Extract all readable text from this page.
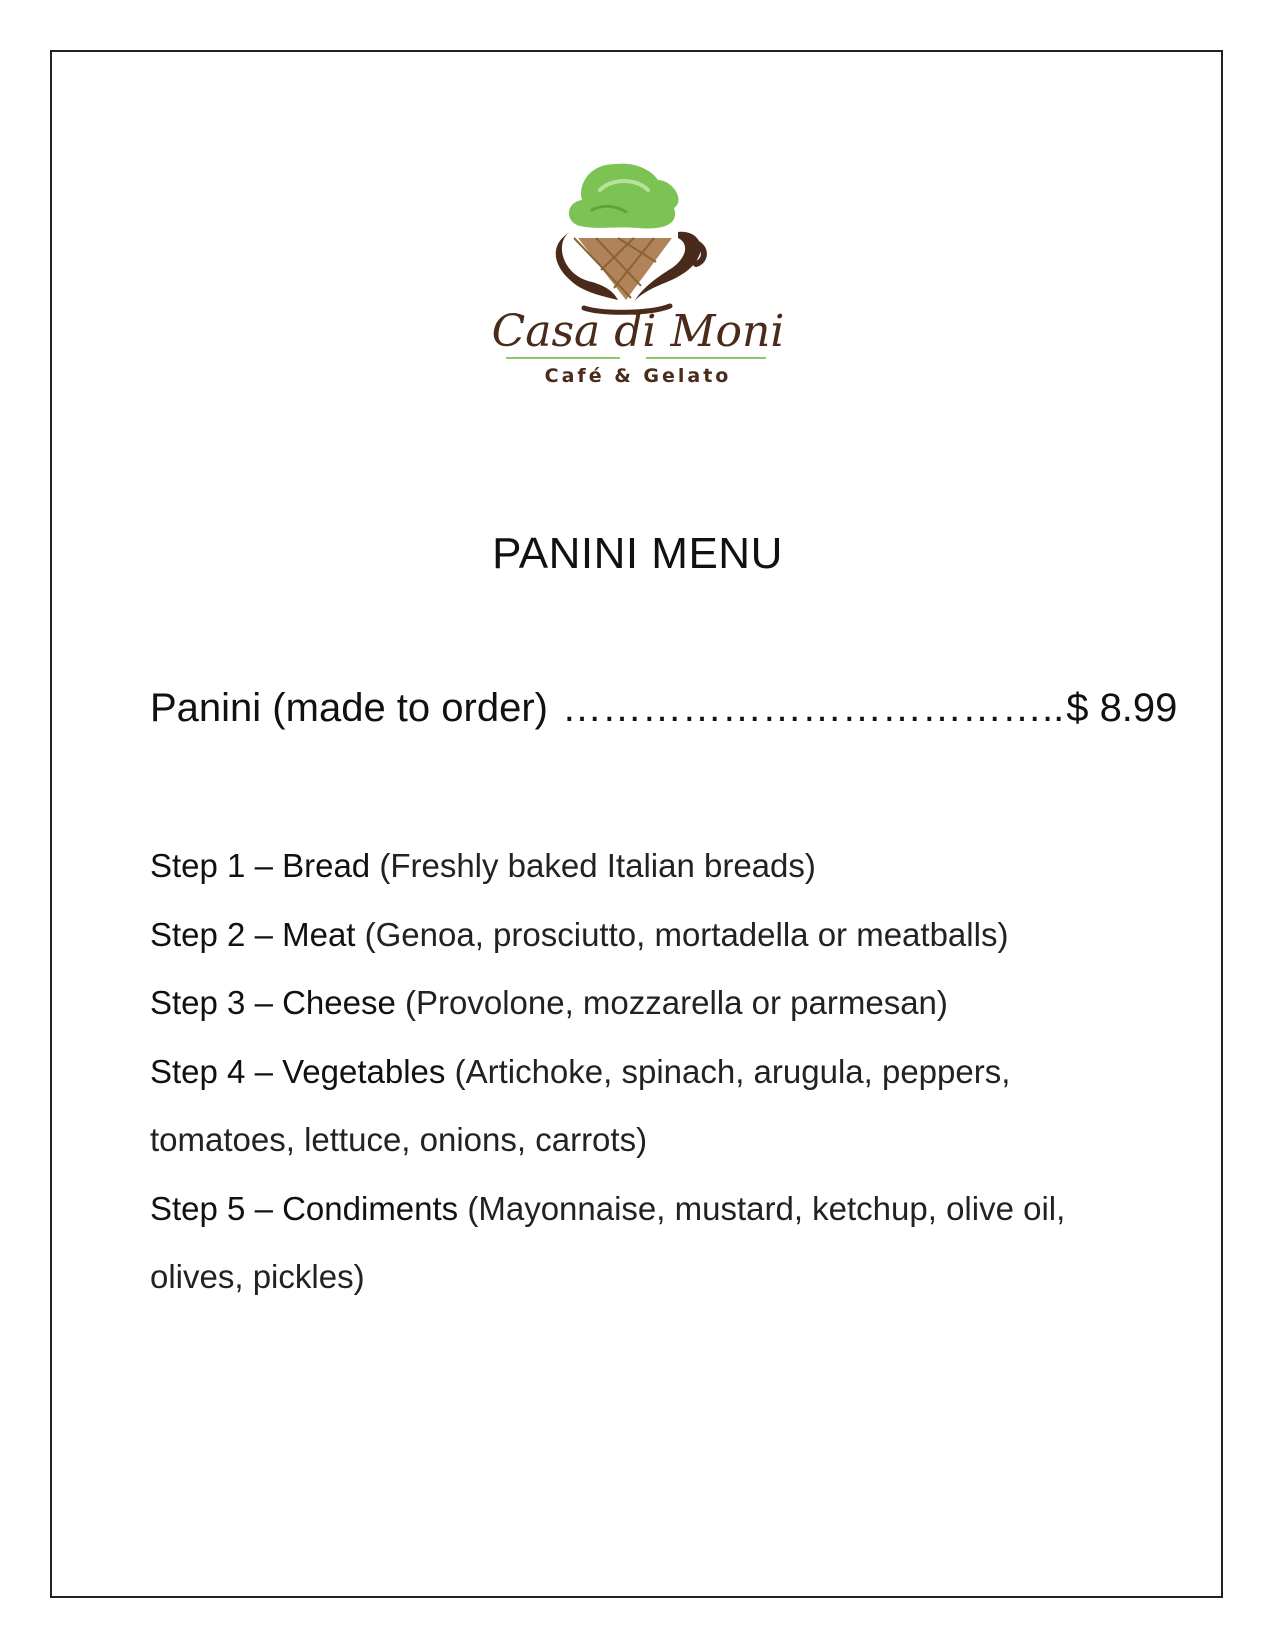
Casa di Moni
Café & Gelato
PANINI MENU
Panini (made to order) ……………………………….. $ 8.99
Step 1 – Bread (Freshly baked Italian breads)
Step 2 – Meat (Genoa, prosciutto, mortadella or meatballs)
Step 3 – Cheese (Provolone, mozzarella or parmesan)
Step 4 – Vegetables (Artichoke, spinach, arugula, peppers, tomatoes, lettuce, onions, carrots)
Step 5 – Condiments (Mayonnaise, mustard, ketchup, olive oil, olives, pickles)
